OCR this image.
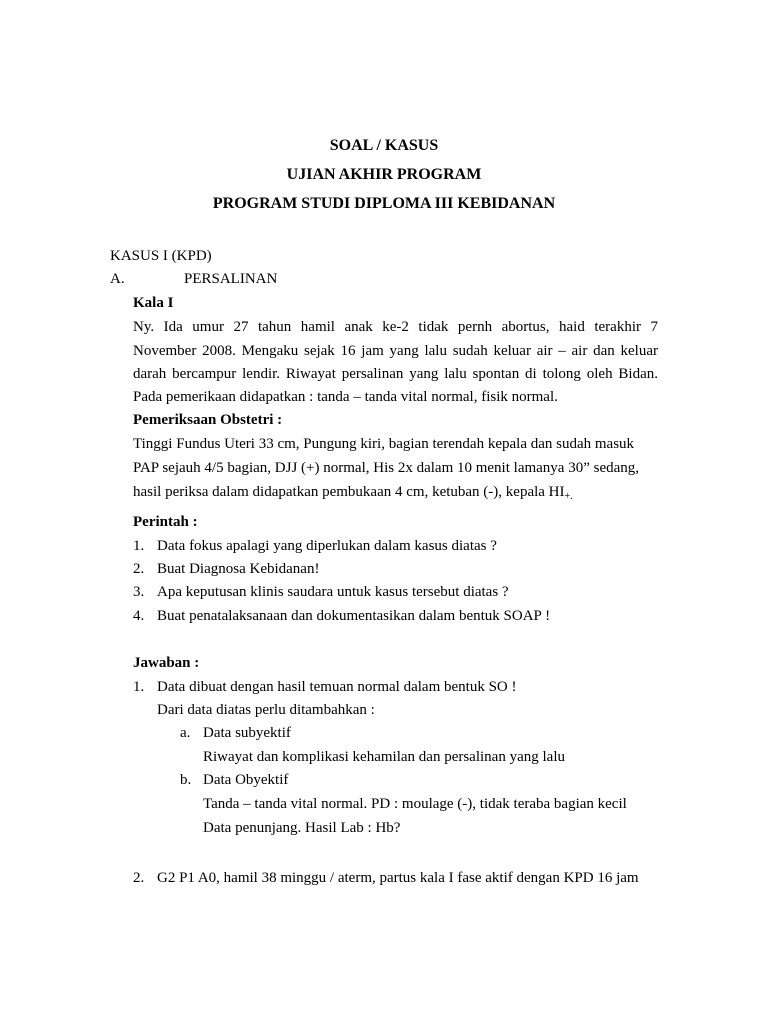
SOAL / KASUS
UJIAN AKHIR PROGRAM
PROGRAM STUDI DIPLOMA III KEBIDANAN
KASUS I (KPD)
A.	PERSALINAN
Kala I
Ny. Ida umur 27 tahun hamil anak ke-2 tidak pernh abortus, haid terakhir 7
November 2008. Mengaku sejak 16 jam yang lalu sudah keluar air – air dan keluar
darah bercampur lendir. Riwayat persalinan yang lalu spontan di tolong oleh Bidan.
Pada pemerikaan didapatkan : tanda – tanda vital normal, fisik normal.
Pemeriksaan Obstetri :
Tinggi Fundus Uteri 33 cm, Pungung kiri, bagian terendah kepala dan sudah masuk
PAP sejauh 4/5 bagian, DJJ (+) normal, His 2x dalam 10 menit lamanya 30” sedang,
hasil periksa dalam didapatkan pembukaan 4 cm, ketuban (-), kepala $HI_{+.}$
Perintah :
1. Data fokus apalagi yang diperlukan dalam kasus diatas ?
2. Buat Diagnosa Kebidanan!
3. Apa keputusan klinis saudara untuk kasus tersebut diatas ?
4. Buat penatalaksanaan dan dokumentasikan dalam bentuk SOAP !
Jawaban :
1. Data dibuat dengan hasil temuan normal dalam bentuk SO !
Dari data diatas perlu ditambahkan :
a. Data subyektif
Riwayat dan komplikasi kehamilan dan persalinan yang lalu
b. Data Obyektif
Tanda – tanda vital normal. PD : moulage (-), tidak teraba bagian kecil
Data penunjang. Hasil Lab : Hb?
2. G2 P1 A0, hamil 38 minggu / aterm, partus kala I fase aktif dengan KPD 16 jam
